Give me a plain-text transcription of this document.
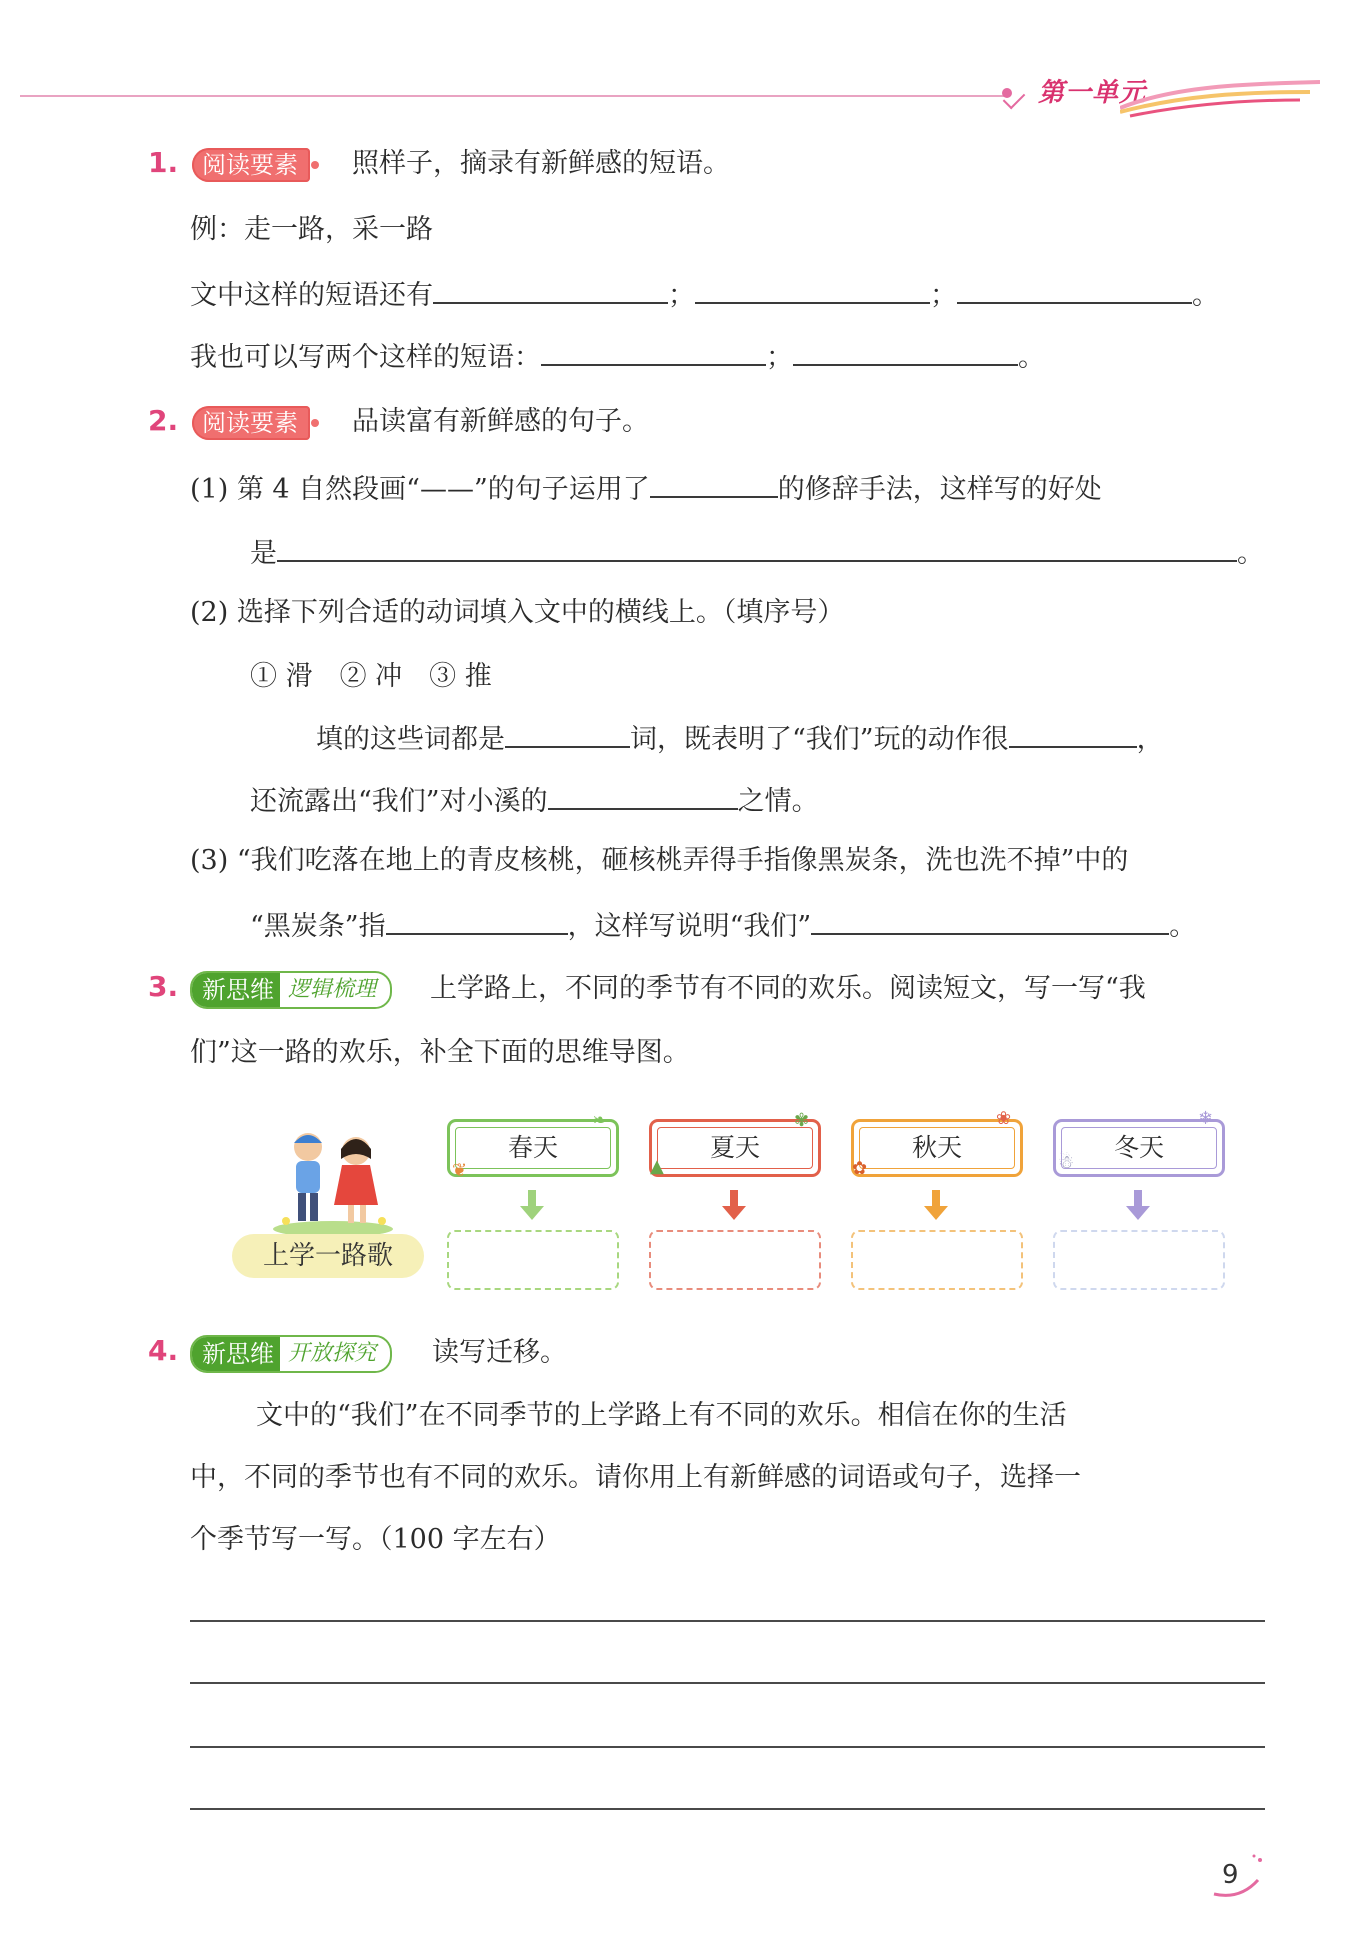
第一单元
1. 阅读要素	照样子，摘录有新鲜感的短语。
例：走一路，采一路
文中这样的短语还有	；	；	。
我也可以写两个这样的短语：	；	。
2. 阅读要素	品读富有新鲜感的句子。
(1) 第 4 自然段画“——”的句子运用了	的修辞手法，这样写的好处
是	。
(2) 选择下列合适的动词填入文中的横线上。（填序号）
① 滑　② 冲　③ 推
填的这些词都是	词，既表明了“我们”玩的动作很	，
还流露出“我们”对小溪的	之情。
(3) “我们吃落在地上的青皮核桃，砸核桃弄得手指像黑炭条，洗也洗不掉”中的
“黑炭条”指	，这样写说明“我们”	。
3. 新思维 逻辑梳理	上学路上，不同的季节有不同的欢乐。阅读短文，写一写“我
们”这一路的欢乐，补全下面的思维导图。
上学一路歌
春天	夏天	秋天	冬天
❦
❧
▲
✾
✿
❀
☃
❄
4. 新思维 开放探究	读写迁移。
文中的“我们”在不同季节的上学路上有不同的欢乐。相信在你的生活
中，不同的季节也有不同的欢乐。请你用上有新鲜感的词语或句子，选择一
个季节写一写。（100 字左右）
9
